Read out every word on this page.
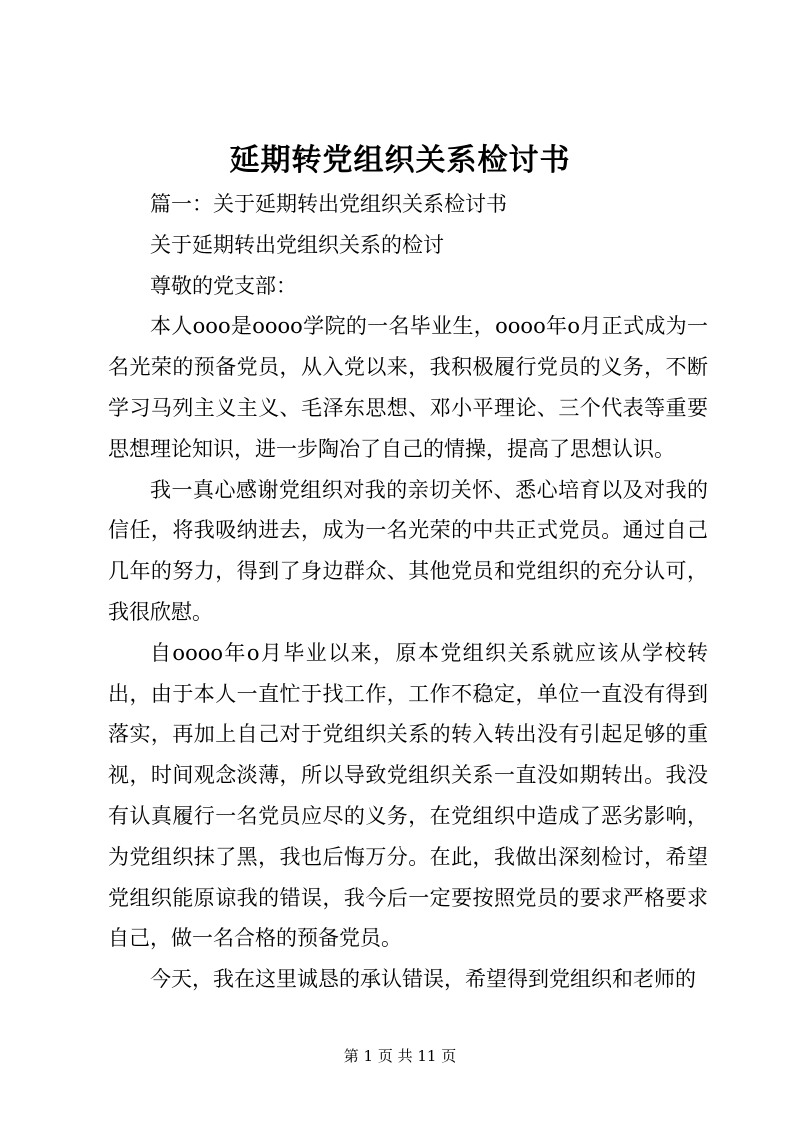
延期转党组织关系检讨书

篇一：关于延期转出党组织关系检讨书

关于延期转出党组织关系的检讨

尊敬的党支部：

本人ooo是oooo学院的一名毕业生，oooo年o月正式成为一名光荣的预备党员，从入党以来，我积极履行党员的义务，不断学习马列主义主义、毛泽东思想、邓小平理论、三个代表等重要思想理论知识，进一步陶冶了自己的情操，提高了思想认识。

我一真心感谢党组织对我的亲切关怀、悉心培育以及对我的信任，将我吸纳进去，成为一名光荣的中共正式党员。通过自己几年的努力，得到了身边群众、其他党员和党组织的充分认可，我很欣慰。

自oooo年o月毕业以来，原本党组织关系就应该从学校转出，由于本人一直忙于找工作，工作不稳定，单位一直没有得到落实，再加上自己对于党组织关系的转入转出没有引起足够的重视，时间观念淡薄，所以导致党组织关系一直没如期转出。我没有认真履行一名党员应尽的义务，在党组织中造成了恶劣影响，为党组织抹了黑，我也后悔万分。在此，我做出深刻检讨，希望党组织能原谅我的错误，我今后一定要按照党员的要求严格要求自己，做一名合格的预备党员。

今天，我在这里诚恳的承认错误，希望得到党组织和老师的

第 1 页 共 11 页
